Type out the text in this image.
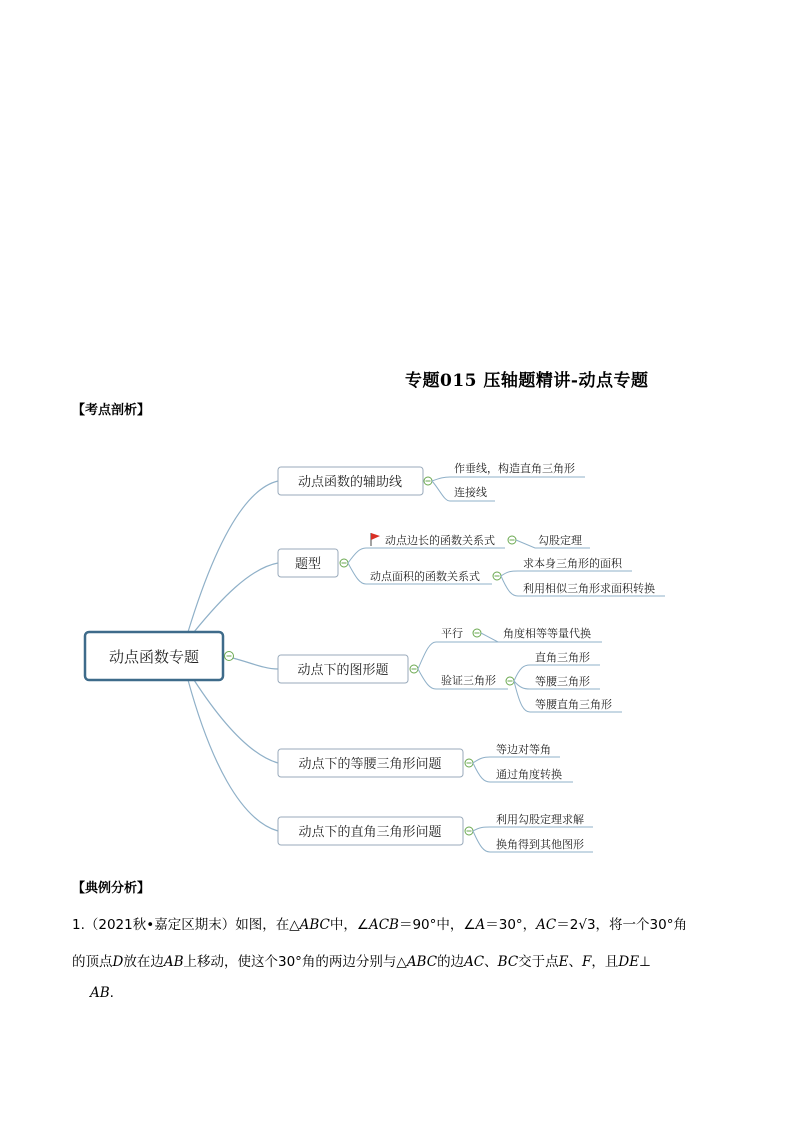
专题015 压轴题精讲-动点专题
【考点剖析】
动点函数专题
动点函数的辅助线
作垂线，构造直角三角形
连接线
题型
动点边长的函数关系式	勾股定理
动点面积的函数关系式
求本身三角形的面积
利用相似三角形求面积转换
动点下的图形题
平行	角度相等等量代换
验证三角形
直角三角形
等腰三角形
等腰直角三角形
动点下的等腰三角形问题
等边对等角
通过角度转换
动点下的直角三角形问题
利用勾股定理求解
换角得到其他图形
【典例分析】
1.（2021秋•嘉定区期末）如图，在△ABC中，∠ACB＝90°中，∠A＝30°，AC＝2√3，将一个30°角
的顶点D放在边AB上移动，使这个30°角的两边分别与△ABC的边AC、BC交于点E、F，且DE⊥
AB.
